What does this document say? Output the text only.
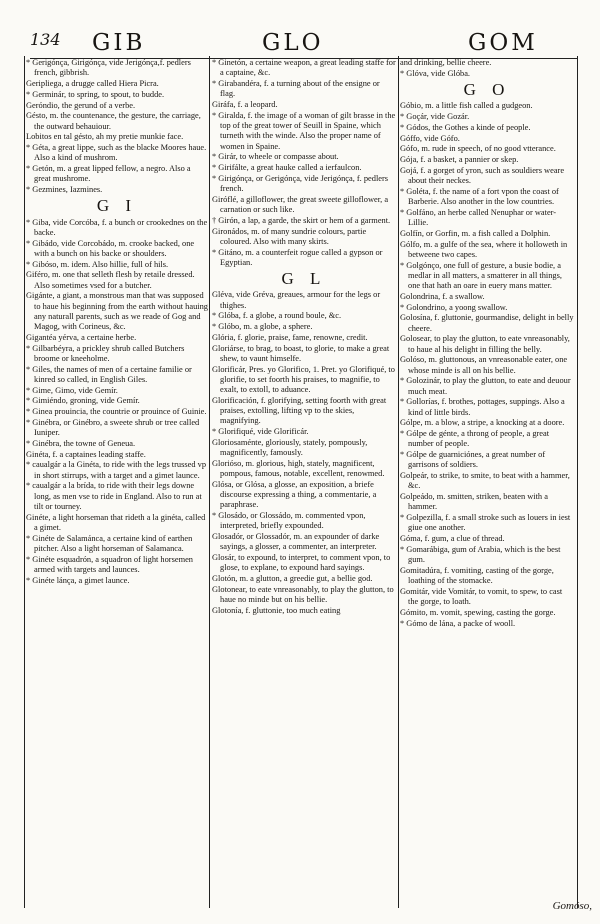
134 GIB	GLO	GOM

* Gerigónça, Girigónça, vide Jerigónça,f. pedlers french, gibbrish.

Geripliega, a drugge called Hiera Picra.

* Germinár, to spring, to spout, to budde.

Geróndio, the gerund of a verbe.

Gésto, m. the countenance, the gesture, the carriage, the outward behauiour.

Lobitos en tal gésto, ah my pretie munkie face.

* Géta, a great lippe, such as the blacke Moores haue. Also a kind of mushrom.

* Getón, m. a great lipped fellow, a negro. Also a great mushrome.

* Gezmines, Iazmines.

G I

* Giba, vide Corcóba, f. a bunch or crookednes on the backe.

* Gibádo, vide Corcobádo, m. crooke backed, one with a bunch on his backe or shoulders.

* Gibóso, m. idem. Also hillie, full of hils.

Giféro, m. one that selleth flesh by retaile dressed. Also sometimes vsed for a butcher.

Gigánte, a giant, a monstrous man that was supposed to haue his beginning from the earth without hauing any naturall parents, such as we reade of Gog and Magog, with Corineus, &c.

Gigantéa yérva, a certaine herbe.

* Gilbarbéyra, a prickley shrub called Butchers broome or kneeholme.

* Giles, the names of men of a certaine familie or kinred so called, in English Giles.

* Gime, Gimo, vide Gemír.

* Gimiéndo, groning, vide Gemír.

* Ginea prouincia, the countrie or prouince of Guinie.

* Ginébra, or Ginébro, a sweete shrub or tree called Iuniper.

* Ginébra, the towne of Geneua.

Ginéta, f. a captaines leading staffe.

* caualgár a la Ginéta, to ride with the legs trussed vp in short stirrups, with a target and a gimet launce.

* caualgár a la brída, to ride with their legs downe long, as men vse to ride in England. Also to run at tilt or tourney.

Ginéte, a light horseman that rideth a la ginéta, called a gimet.

* Ginéte de Salamánca, a certaine kind of earthen pitcher. Also a light horseman of Salamanca.

* Ginéte esquadrón, a squadron of light horsemen armed with targets and launces.

* Ginéte lánça, a gimet launce.

* Ginetón, a certaine weapon, a great leading staffe for a captaine, &c.

* Girabandéra, f. a turning about of the ensigne or flag.

Giráfa, f. a leopard.

* Giralda, f. the image of a woman of gilt brasse in the top of the great tower of Seuill in Spaine, which turneth with the winde. Also the proper name of women in Spaine.

* Girár, to wheele or compasse about.

* Girifálte, a great hauke called a ierfaulcon.

* Girigónça, or Gerigónça, vide Jerigónça, f. pedlers french.

Giróflé, a gilloflower, the great sweete gilloflower, a carnation or such like.

† Girón, a lap, a garde, the skirt or hem of a garment.

Gironádos, m. of many sundrie colours, partie coloured. Also with many skirts.

* Gitáno, m. a counterfeit rogue called a gypson or Egyptian.

G L

Gléva, vide Gréva, greaues, armour for the legs or thighes.

* Glóba, f. a globe, a round boule, &c.

* Glóbo, m. a globe, a sphere.

Glória, f. glorie, praise, fame, renowne, credit.

Gloriárse, to brag, to boast, to glorie, to make a great shew, to vaunt himselfe.

Glorificár, Pres. yo Glorifico, 1. Pret. yo Glorifiqué, to glorifie, to set foorth his praises, to magnifie, to exalt, to extoll, to aduance.

Glorificación, f. glorifying, setting foorth with great praises, extolling, lifting vp to the skies, magnifying.

* Glorifiqué, vide Glorificár.

Gloriosaménte, gloriously, stately, pompously, magnificently, famously.

Glorióso, m. glorious, high, stately, magnificent, pompous, famous, notable, excellent, renowmed.

Glósa, or Glósa, a glosse, an exposition, a briefe discourse expressing a thing, a commentarie, a paraphrase.

* Glosádo, or Glossádo, m. commented vpon, interpreted, briefly expounded.

Glosadór, or Glossadór, m. an expounder of darke sayings, a glosser, a commenter, an interpreter.

Glosár, to expound, to interpret, to comment vpon, to glose, to explane, to expound hard sayings.

Glotón, m. a glutton, a greedie gut, a bellie god.

Glotonear, to eate vnreasonably, to play the glutton, to haue no minde but on his bellie.

Glotonía, f. gluttonie, too much eating

and drinking, bellie cheere.

* Glóva, vide Glóba.

G O

Góbio, m. a little fish called a gudgeon.

* Goçár, vide Gozár.

* Gódos, the Gothes a kinde of people.

Góffo, vide Gófo.

Gófo, m. rude in speech, of no good vtterance.

Gója, f. a basket, a pannier or skep.

Gojá, f. a gorget of yron, such as souldiers weare about their neckes.

* Goléta, f. the name of a fort vpon the coast of Barberie. Also another in the low countries.

* Golfáno, an herbe called Nenuphar or water-Lillie.

Golfín, or Gorfin, m. a fish called a Dolphin.

Gólfo, m. a gulfe of the sea, where it holloweth in betweene two capes.

* Golgónço, one full of gesture, a busie bodie, a medlar in all matters, a smatterer in all things, one that hath an oare in euery mans matter.

Golondrina, f. a swallow.

* Golondrino, a yoong swallow.

Golosína, f. gluttonie, gourmandise, delight in belly cheere.

Golosear, to play the glutton, to eate vnreasonably, to haue al his delight in filling the belly.

Golóso, m. gluttonous, an vnreasonable eater, one whose minde is all on his bellie.

* Golozinár, to play the glutton, to eate and deuour much meat.

* Gollorías, f. brothes, pottages, suppings. Also a kind of little birds.

Gólpe, m. a blow, a stripe, a knocking at a doore.

* Gólpe de génte, a throng of people, a great number of people.

* Gólpe de guarniciónes, a great number of garrisons of soldiers.

Golpeár, to strike, to smite, to beat with a hammer, &c.

Golpeádo, m. smitten, striken, beaten with a hammer.

* Golpezilla, f. a small stroke such as louers in iest giue one another.

Góma, f. gum, a clue of thread.

* Gomarábiga, gum of Arabia, which is the best gum.

Gomitadúra, f. vomiting, casting of the gorge, loathing of the stomacke.

Gomitár, vide Vomitár, to vomit, to spew, to cast the gorge, to loath.

Gómito, m. vomit, spewing, casting the gorge.

* Gómo de lána, a packe of wooll.

Gomóso,
